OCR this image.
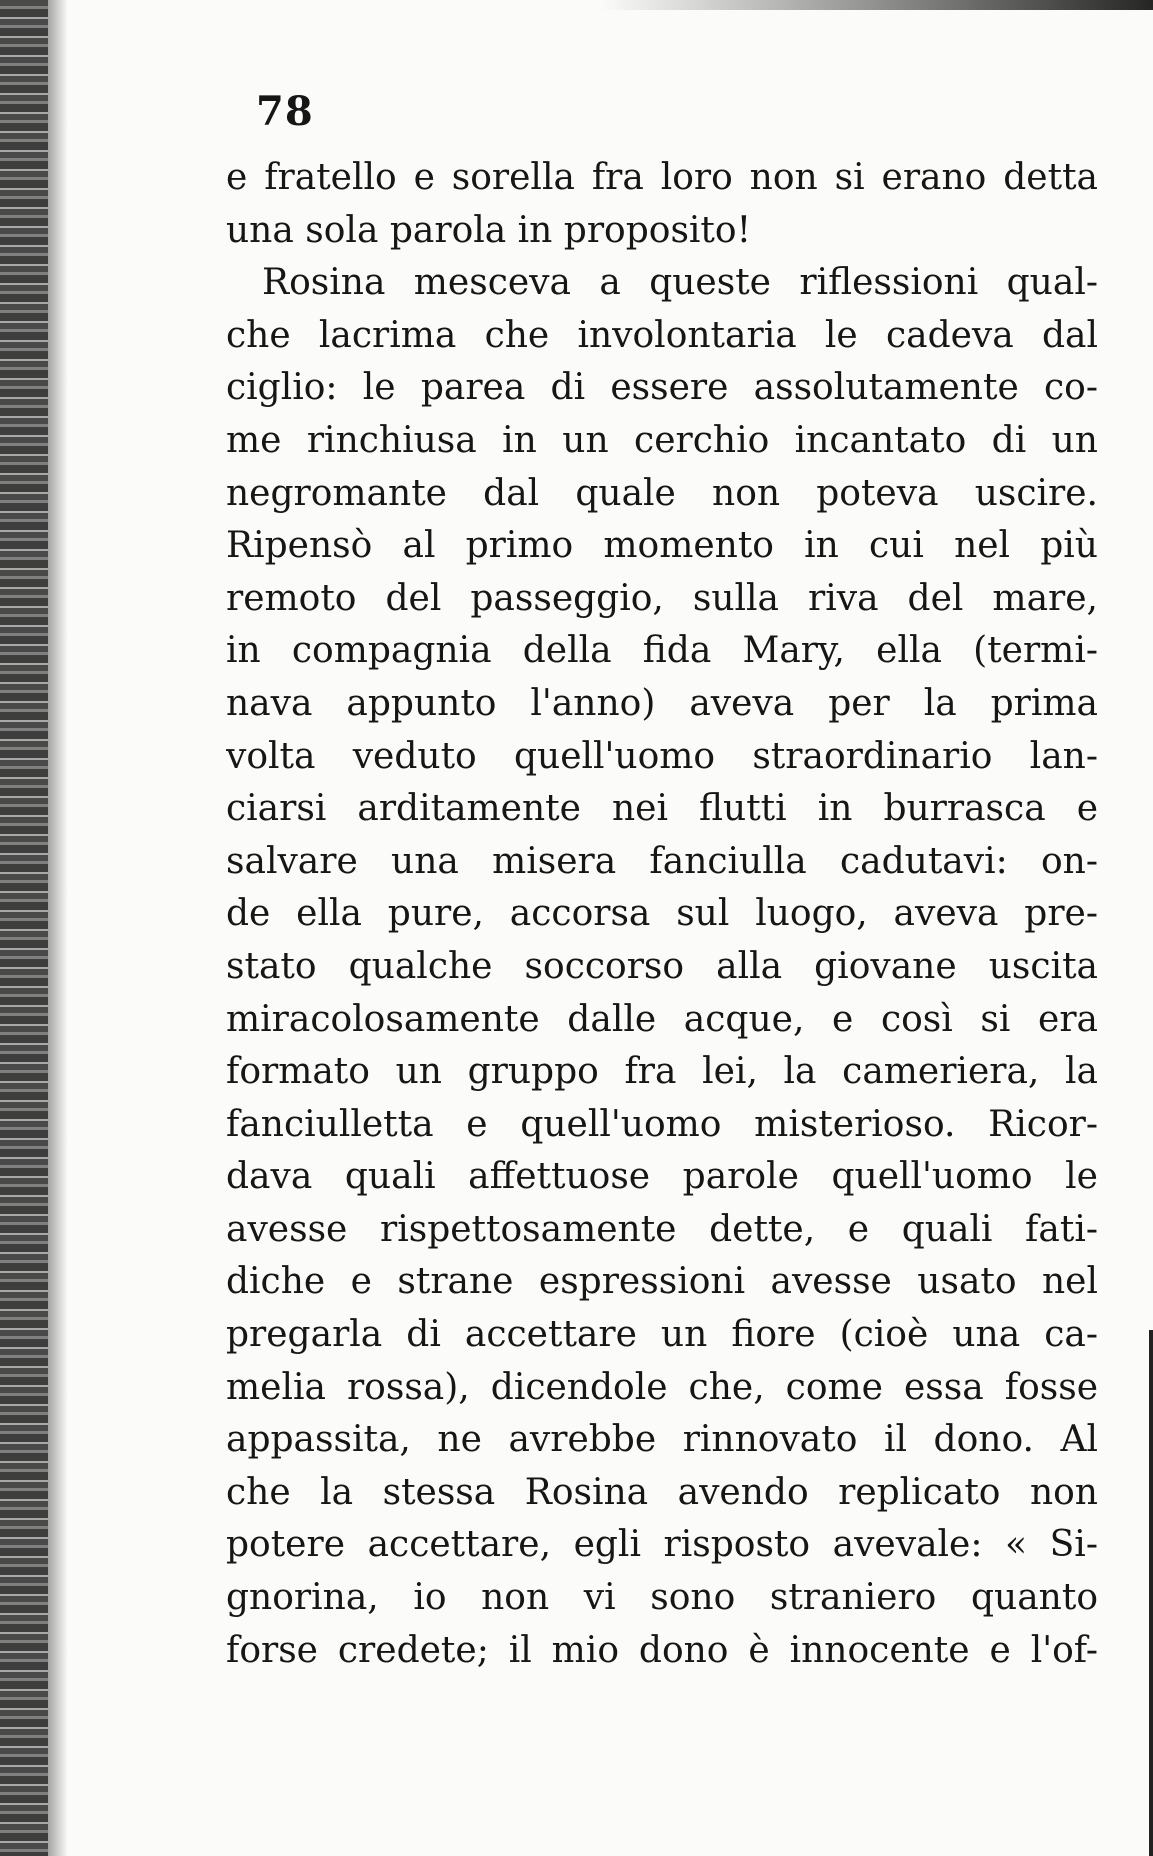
78
e fratello e sorella fra loro non si erano detta
una sola parola in proposito!
Rosina mesceva a queste riflessioni qual-
che lacrima che involontaria le cadeva dal
ciglio: le parea di essere assolutamente co-
me rinchiusa in un cerchio incantato di un
negromante dal quale non poteva uscire.
Ripensò al primo momento in cui nel più
remoto del passeggio, sulla riva del mare,
in compagnia della fida Mary, ella (termi-
nava appunto l'anno) aveva per la prima
volta veduto quell'uomo straordinario lan-
ciarsi arditamente nei flutti in burrasca e
salvare una misera fanciulla cadutavi: on-
de ella pure, accorsa sul luogo, aveva pre-
stato qualche soccorso alla giovane uscita
miracolosamente dalle acque, e così si era
formato un gruppo fra lei, la cameriera, la
fanciulletta e quell'uomo misterioso. Ricor-
dava quali affettuose parole quell'uomo le
avesse rispettosamente dette, e quali fati-
diche e strane espressioni avesse usato nel
pregarla di accettare un fiore (cioè una ca-
melia rossa), dicendole che, come essa fosse
appassita, ne avrebbe rinnovato il dono. Al
che la stessa Rosina avendo replicato non
potere accettare, egli risposto avevale: « Si-
gnorina, io non vi sono straniero quanto
forse credete; il mio dono è innocente e l'of-
